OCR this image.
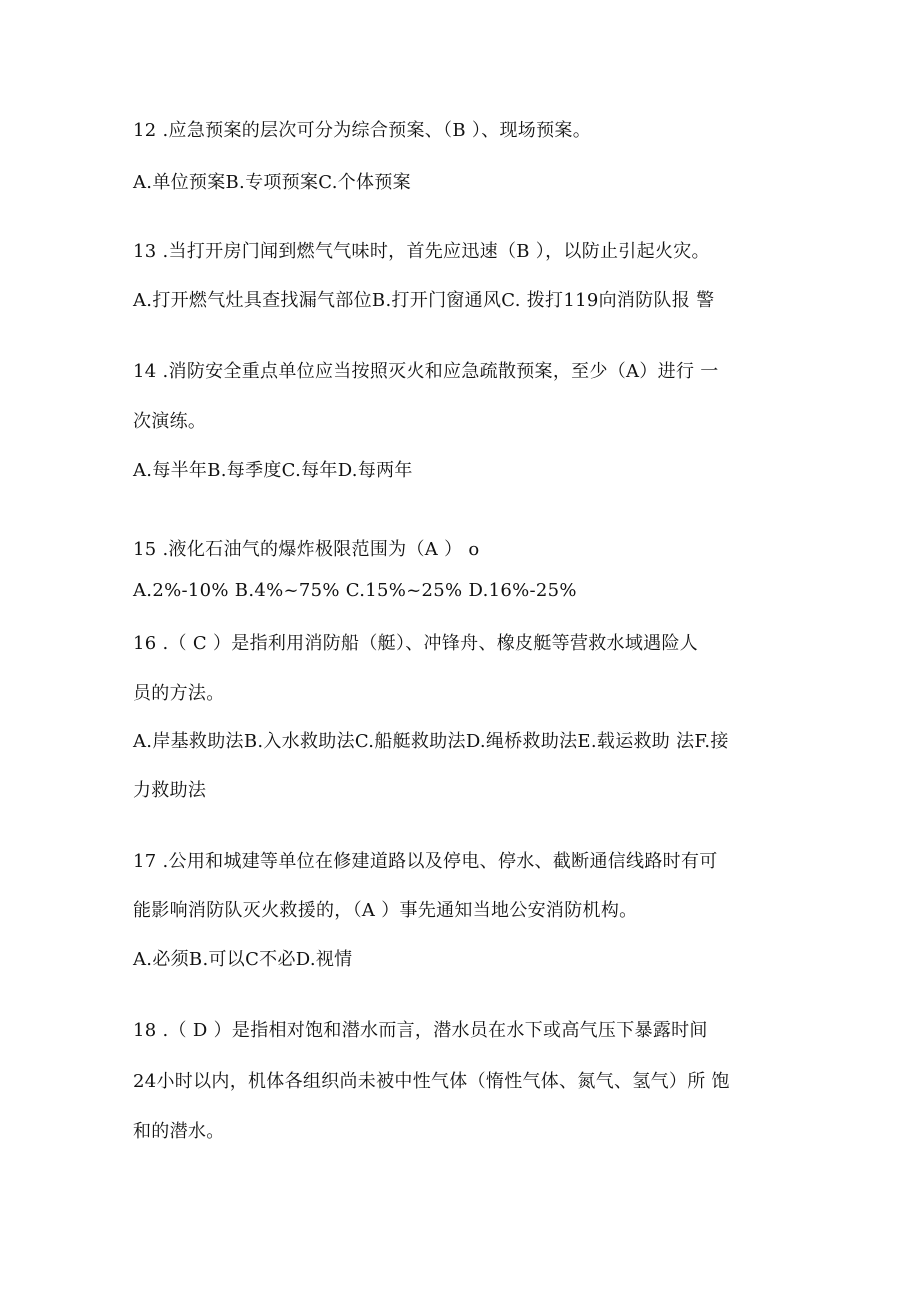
12 .应急预案的层次可分为综合预案、（B ）、现场预案。
A.单位预案B.专项预案C.个体预案
13 .当打开房门闻到燃气气味时，首先应迅速（B ），以防止引起火灾。
A.打开燃气灶具查找漏气部位B.打开门窗通风C. 拨打119向消防队报 警
14 .消防安全重点单位应当按照灭火和应急疏散预案，至少（A）进行 一
次演练。
A.每半年B.每季度C.每年D.每两年
15 .液化石油气的爆炸极限范围为（A ） o
A.2%-10% B.4%~75% C.15%~25% D.16%-25%
16 .（ C ）是指利用消防船（艇）、冲锋舟、橡皮艇等营救水域遇险人
员的方法。
A.岸基救助法B.入水救助法C.船艇救助法D.绳桥救助法E.载运救助 法F.接
力救助法
17 .公用和城建等单位在修建道路以及停电、停水、截断通信线路时有可
能影响消防队灭火救援的，（A ）事先通知当地公安消防机构。
A.必须B.可以C不必D.视情
18 .（ D ）是指相对饱和潜水而言，潜水员在水下或高气压下暴露时间
24小时以内，机体各组织尚未被中性气体（惰性气体、氮气、氢气）所 饱
和的潜水。
